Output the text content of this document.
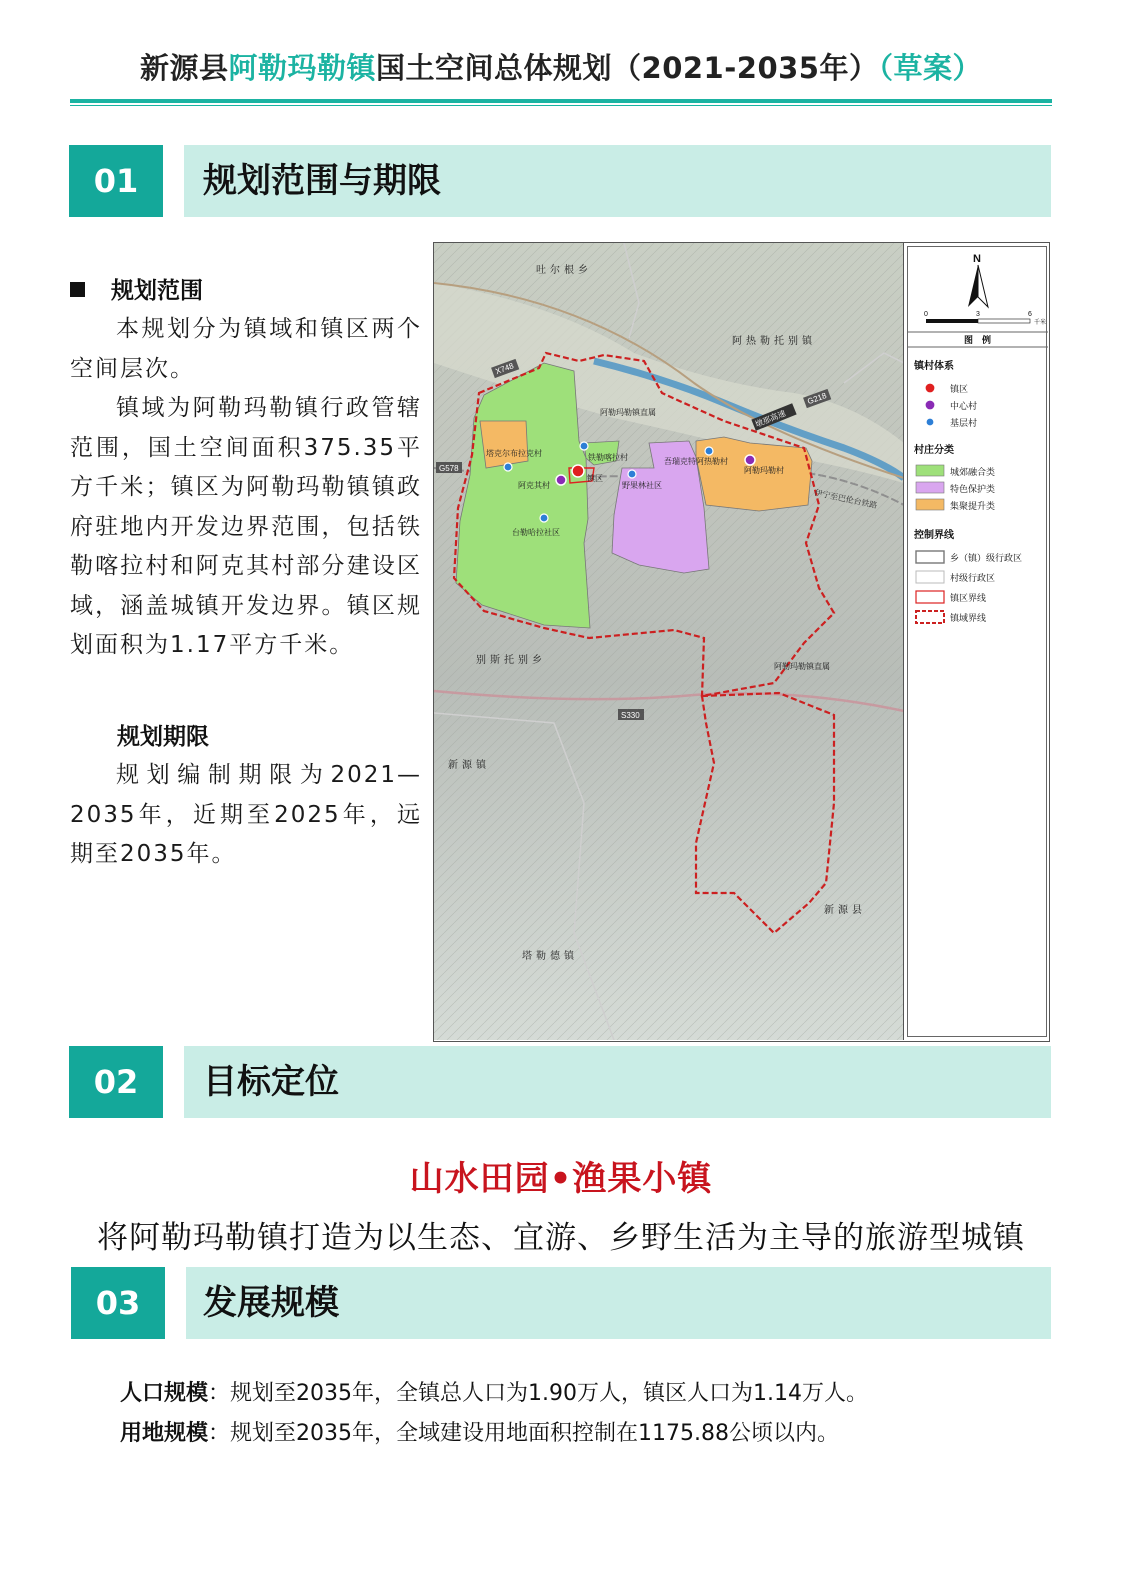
新源县阿勒玛勒镇国土空间总体规划（2021-2035年）（草案）
01	规划范围与期限
规划范围
本规划分为镇域和镇区两个空间层次。
镇域为阿勒玛勒镇行政管辖范围，国土空间面积375.35平方千米；镇区为阿勒玛勒镇镇政府驻地内开发边界范围，包括铁勒喀拉村和阿克其村部分建设区域，涵盖城镇开发边界。镇区规划面积为1.17平方千米。
规划期限
规划编制期限为2021—2035年，近期至2025年，远期至2035年。
吐尔根乡
阿热勒托别镇
别斯托别乡
新源镇
新源县
塔勒德镇
阿勒玛勒镇直属
阿勒玛勒镇直属
塔克尔布拉克村	铁勒喀拉村
阿克其村
镇区
野果林社区
台勒哈拉社区
吾瑞克特阿热勒村
阿勒玛勒村
X748
G578
G218
S330
墩那高速
伊宁至巴伦台铁路
N
0	3	6
千米
图　例
镇村体系
镇区
中心村
基层村
村庄分类
城郊融合类
特色保护类
集聚提升类
控制界线
乡（镇）级行政区
村级行政区
镇区界线
镇域界线
02	目标定位
山水田园•渔果小镇
将阿勒玛勒镇打造为以生态、宜游、乡野生活为主导的旅游型城镇
03	发展规模
人口规模：规划至2035年，全镇总人口为1.90万人，镇区人口为1.14万人。
用地规模：规划至2035年，全域建设用地面积控制在1175.88公顷以内。
